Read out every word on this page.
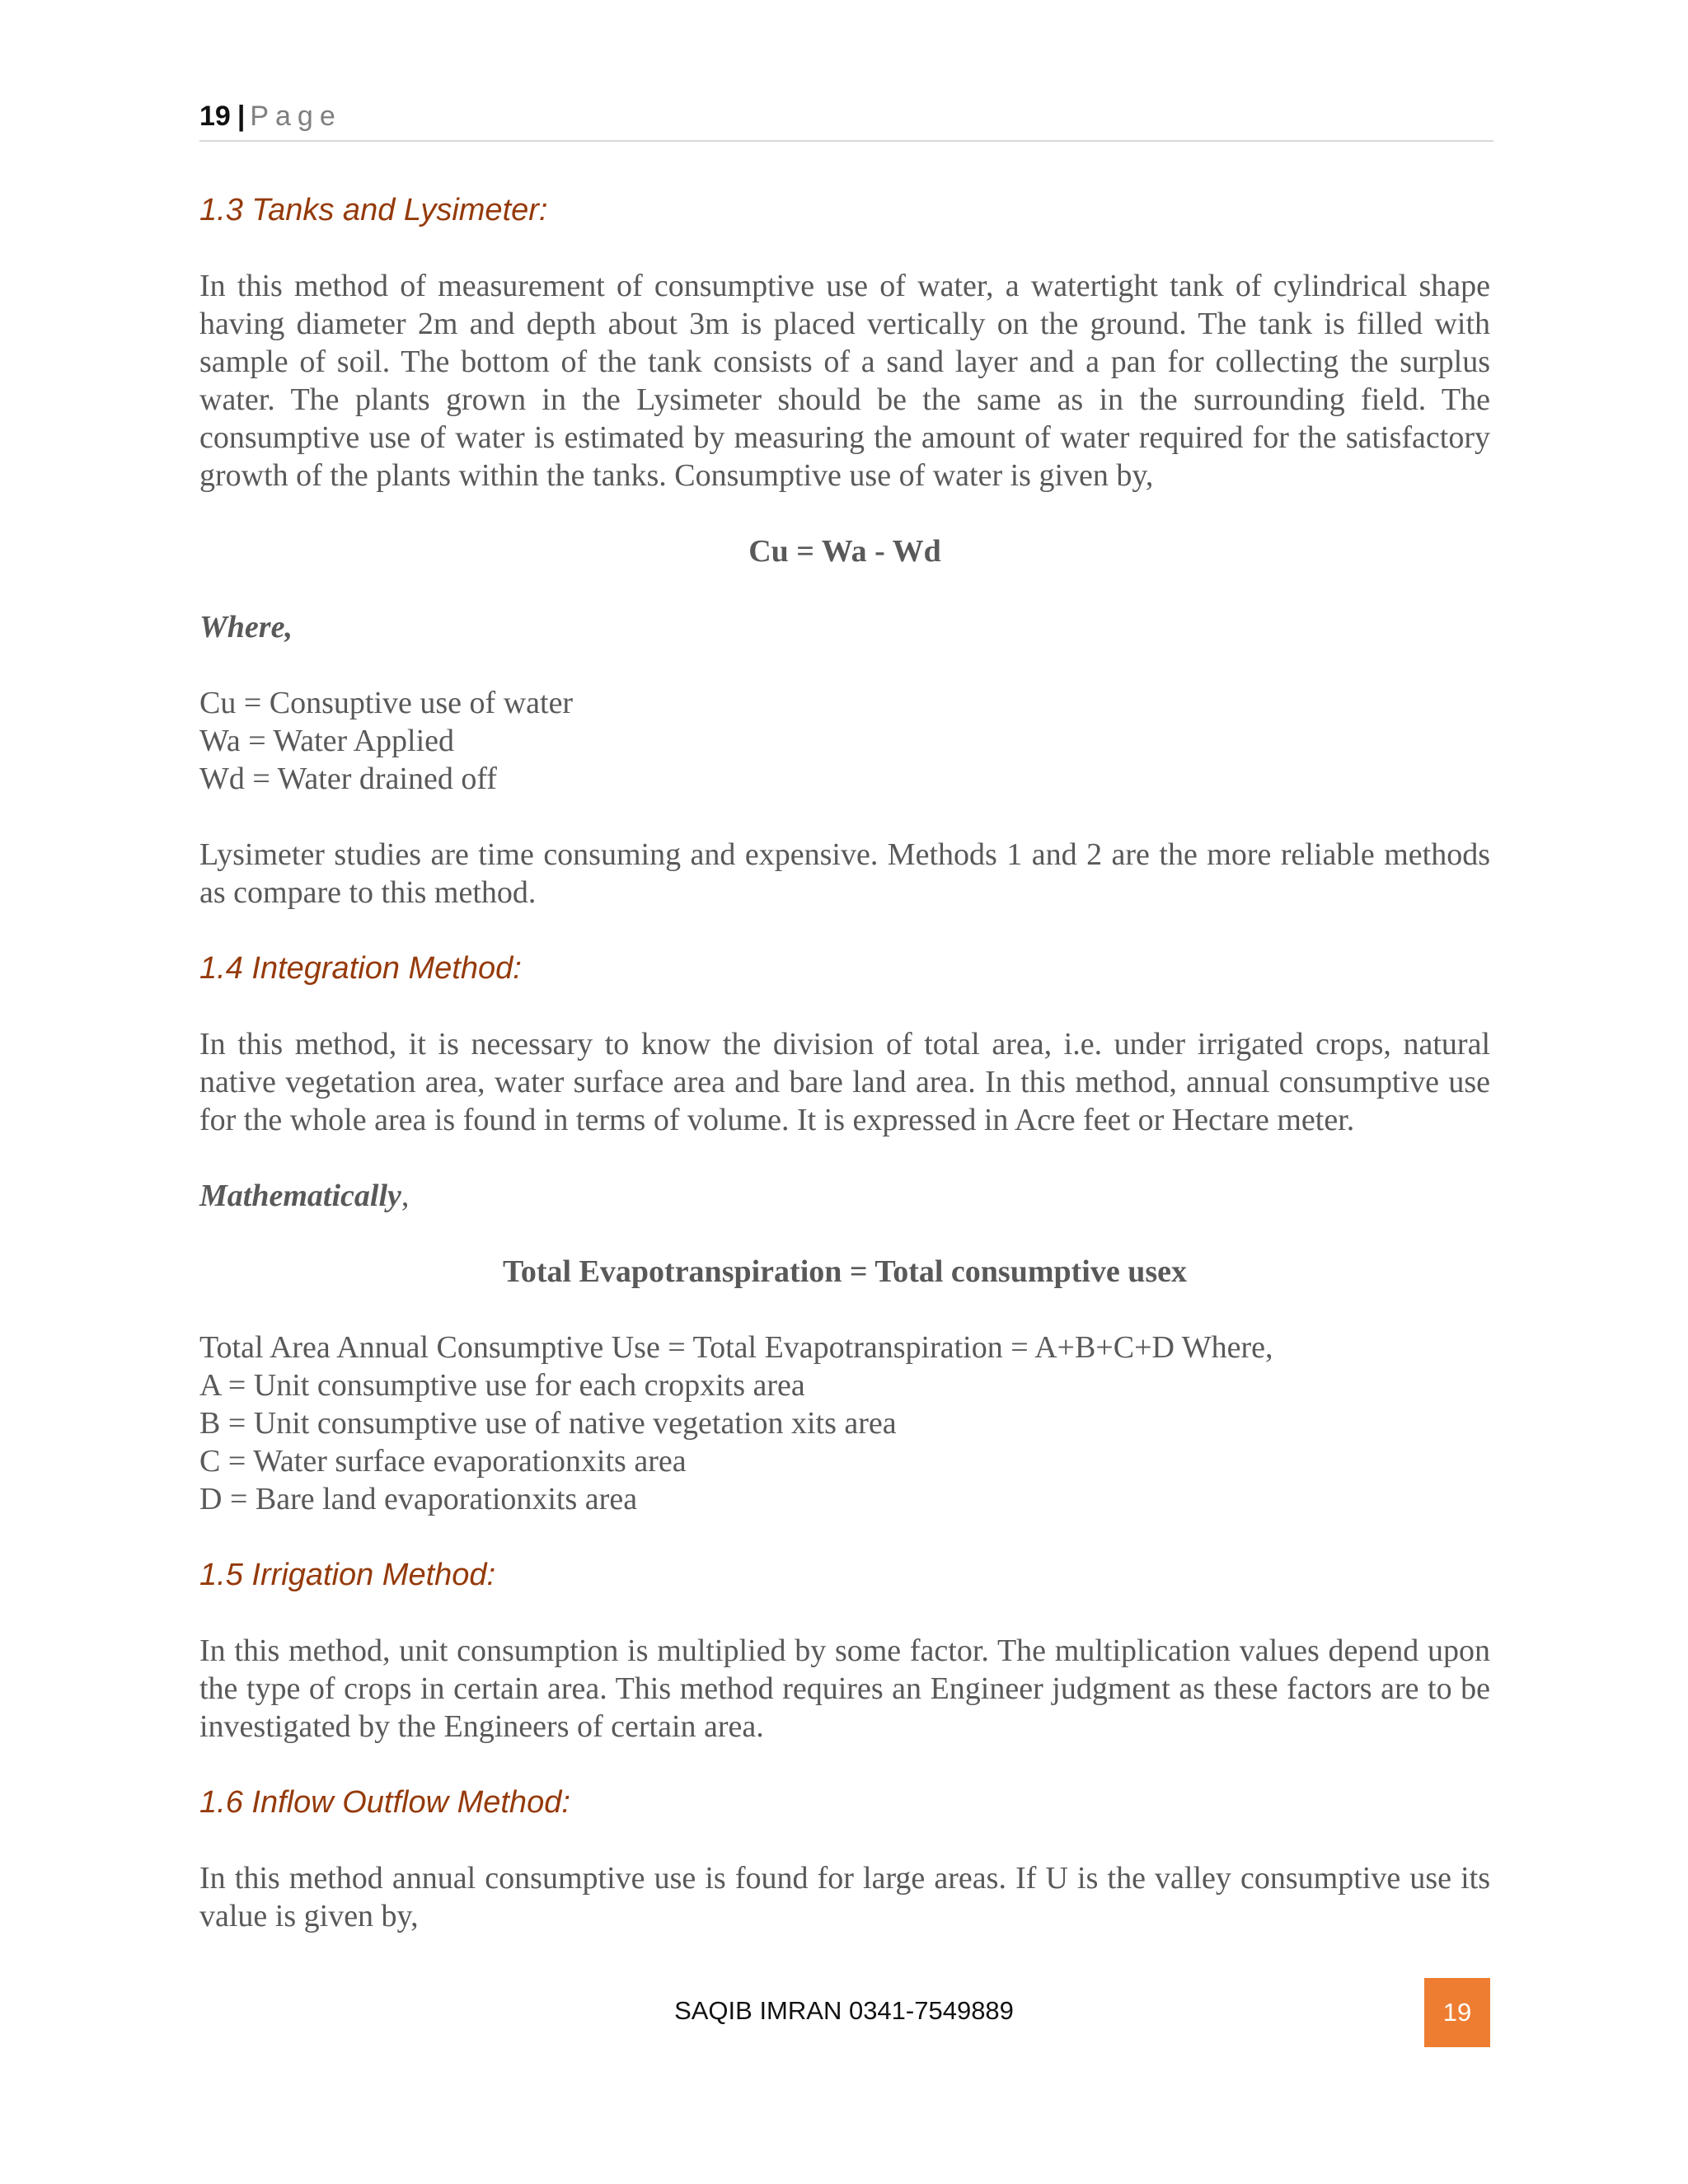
19 | Page

1.3 Tanks and Lysimeter:

In this method of measurement of consumptive use of water, a watertight tank of cylindrical shape having diameter 2m and depth about 3m is placed vertically on the ground. The tank is filled with sample of soil. The bottom of the tank consists of a sand layer and a pan for collecting the surplus water. The plants grown in the Lysimeter should be the same as in the surrounding field. The consumptive use of water is estimated by measuring the amount of water required for the satisfactory growth of the plants within the tanks. Consumptive use of water is given by,

Cu = Wa - Wd

Where,

Cu = Consuptive use of water

Wa = Water Applied

Wd = Water drained off

Lysimeter studies are time consuming and expensive. Methods 1 and 2 are the more reliable methods as compare to this method.

1.4 Integration Method:

In this method, it is necessary to know the division of total area, i.e. under irrigated crops, natural native vegetation area, water surface area and bare land area. In this method, annual consumptive use for the whole area is found in terms of volume. It is expressed in Acre feet or Hectare meter.

Mathematically,

Total Evapotranspiration = Total consumptive usex

Total Area Annual Consumptive Use = Total Evapotranspiration = A+B+C+D Where,

A = Unit consumptive use for each cropxits area

B = Unit consumptive use of native vegetation xits area

C = Water surface evaporationxits area

D = Bare land evaporationxits area

1.5 Irrigation Method:

In this method, unit consumption is multiplied by some factor. The multiplication values depend upon the type of crops in certain area. This method requires an Engineer judgment as these factors are to be investigated by the Engineers of certain area.

1.6 Inflow Outflow Method:

In this method annual consumptive use is found for large areas. If U is the valley consumptive use its value is given by,

SAQIB IMRAN 0341-7549889	19
